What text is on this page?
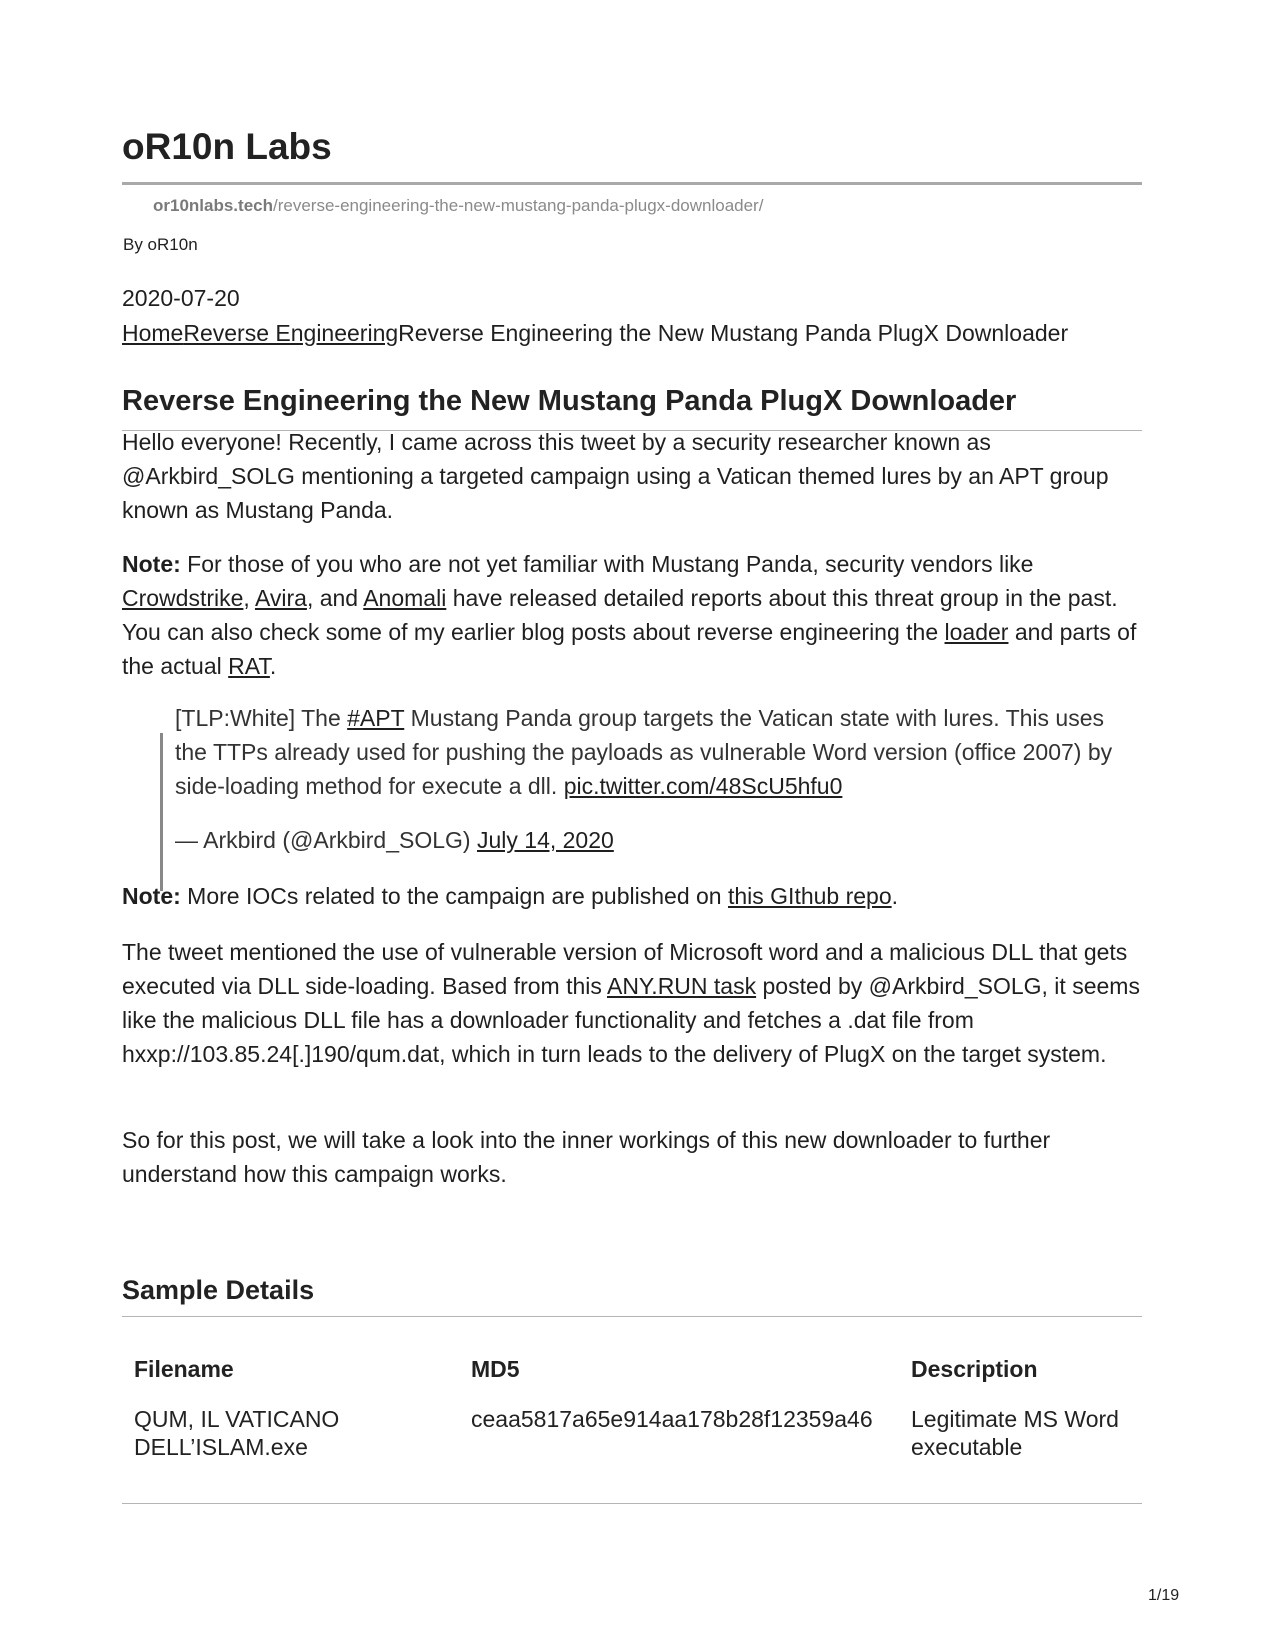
oR10n Labs
or10nlabs.tech/reverse-engineering-the-new-mustang-panda-plugx-downloader/
By oR10n
2020-07-20
HomeReverse EngineeringReverse Engineering the New Mustang Panda PlugX Downloader
Reverse Engineering the New Mustang Panda PlugX Downloader

Hello everyone! Recently, I came across this tweet by a security researcher known as @Arkbird_SOLG mentioning a targeted campaign using a Vatican themed lures by an APT group known as Mustang Panda.

Note: For those of you who are not yet familiar with Mustang Panda, security vendors like Crowdstrike, Avira, and Anomali have released detailed reports about this threat group in the past. You can also check some of my earlier blog posts about reverse engineering the loader and parts of the actual RAT.

[TLP:White] The #APT Mustang Panda group targets the Vatican state with lures. This uses the TTPs already used for pushing the payloads as vulnerable Word version (office 2007) by side-loading method for execute a dll. pic.twitter.com/48ScU5hfu0

— Arkbird (@Arkbird_SOLG) July 14, 2020

Note: More IOCs related to the campaign are published on this GIthub repo.

The tweet mentioned the use of vulnerable version of Microsoft word and a malicious DLL that gets executed via DLL side-loading. Based from this ANY.RUN task posted by @Arkbird_SOLG, it seems like the malicious DLL file has a downloader functionality and fetches a .dat file from hxxp://103.85.24[.]190/qum.dat, which in turn leads to the delivery of PlugX on the target system.

So for this post, we will take a look into the inner workings of this new downloader to further understand how this campaign works.

Sample Details
Filename	MD5	Description
QUM, IL VATICANO DELL’ISLAM.exe	ceaa5817a65e914aa178b28f12359a46	Legitimate MS Word executable
1/19
